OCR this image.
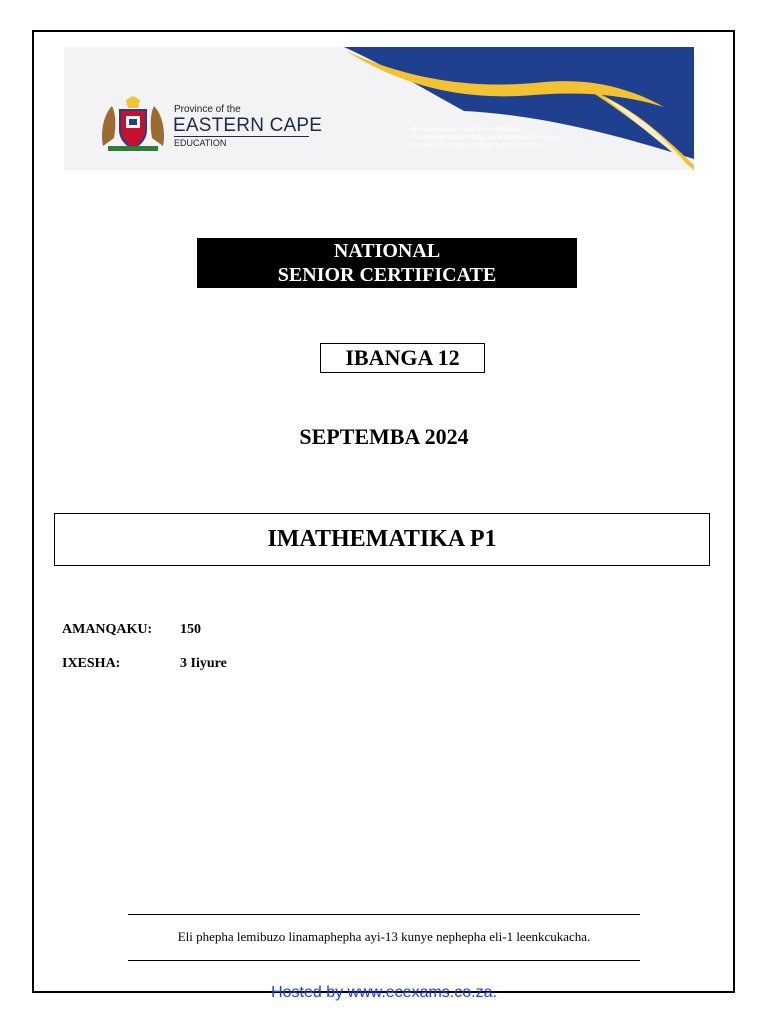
Province of the
EASTERN CAPE
EDUCATION
Iphondo leMpuma Kapa: Isebe leMfundo
Provinsie van die Oos Kaap: Department van Onderwys
Porafensie Ya Kapa Botjhabela: Lefapha la Thuto
NATIONAL
SENIOR CERTIFICATE
IBANGA 12
SEPTEMBA 2024
IMATHEMATIKA P1
AMANQAKU: 150
IXESHA:	3 Iiyure
Eli phepha lemibuzo linamaphepha ayi-13 kunye nephepha eli-1 leenkcukacha.
Hosted by www.ecexams.co.za.
